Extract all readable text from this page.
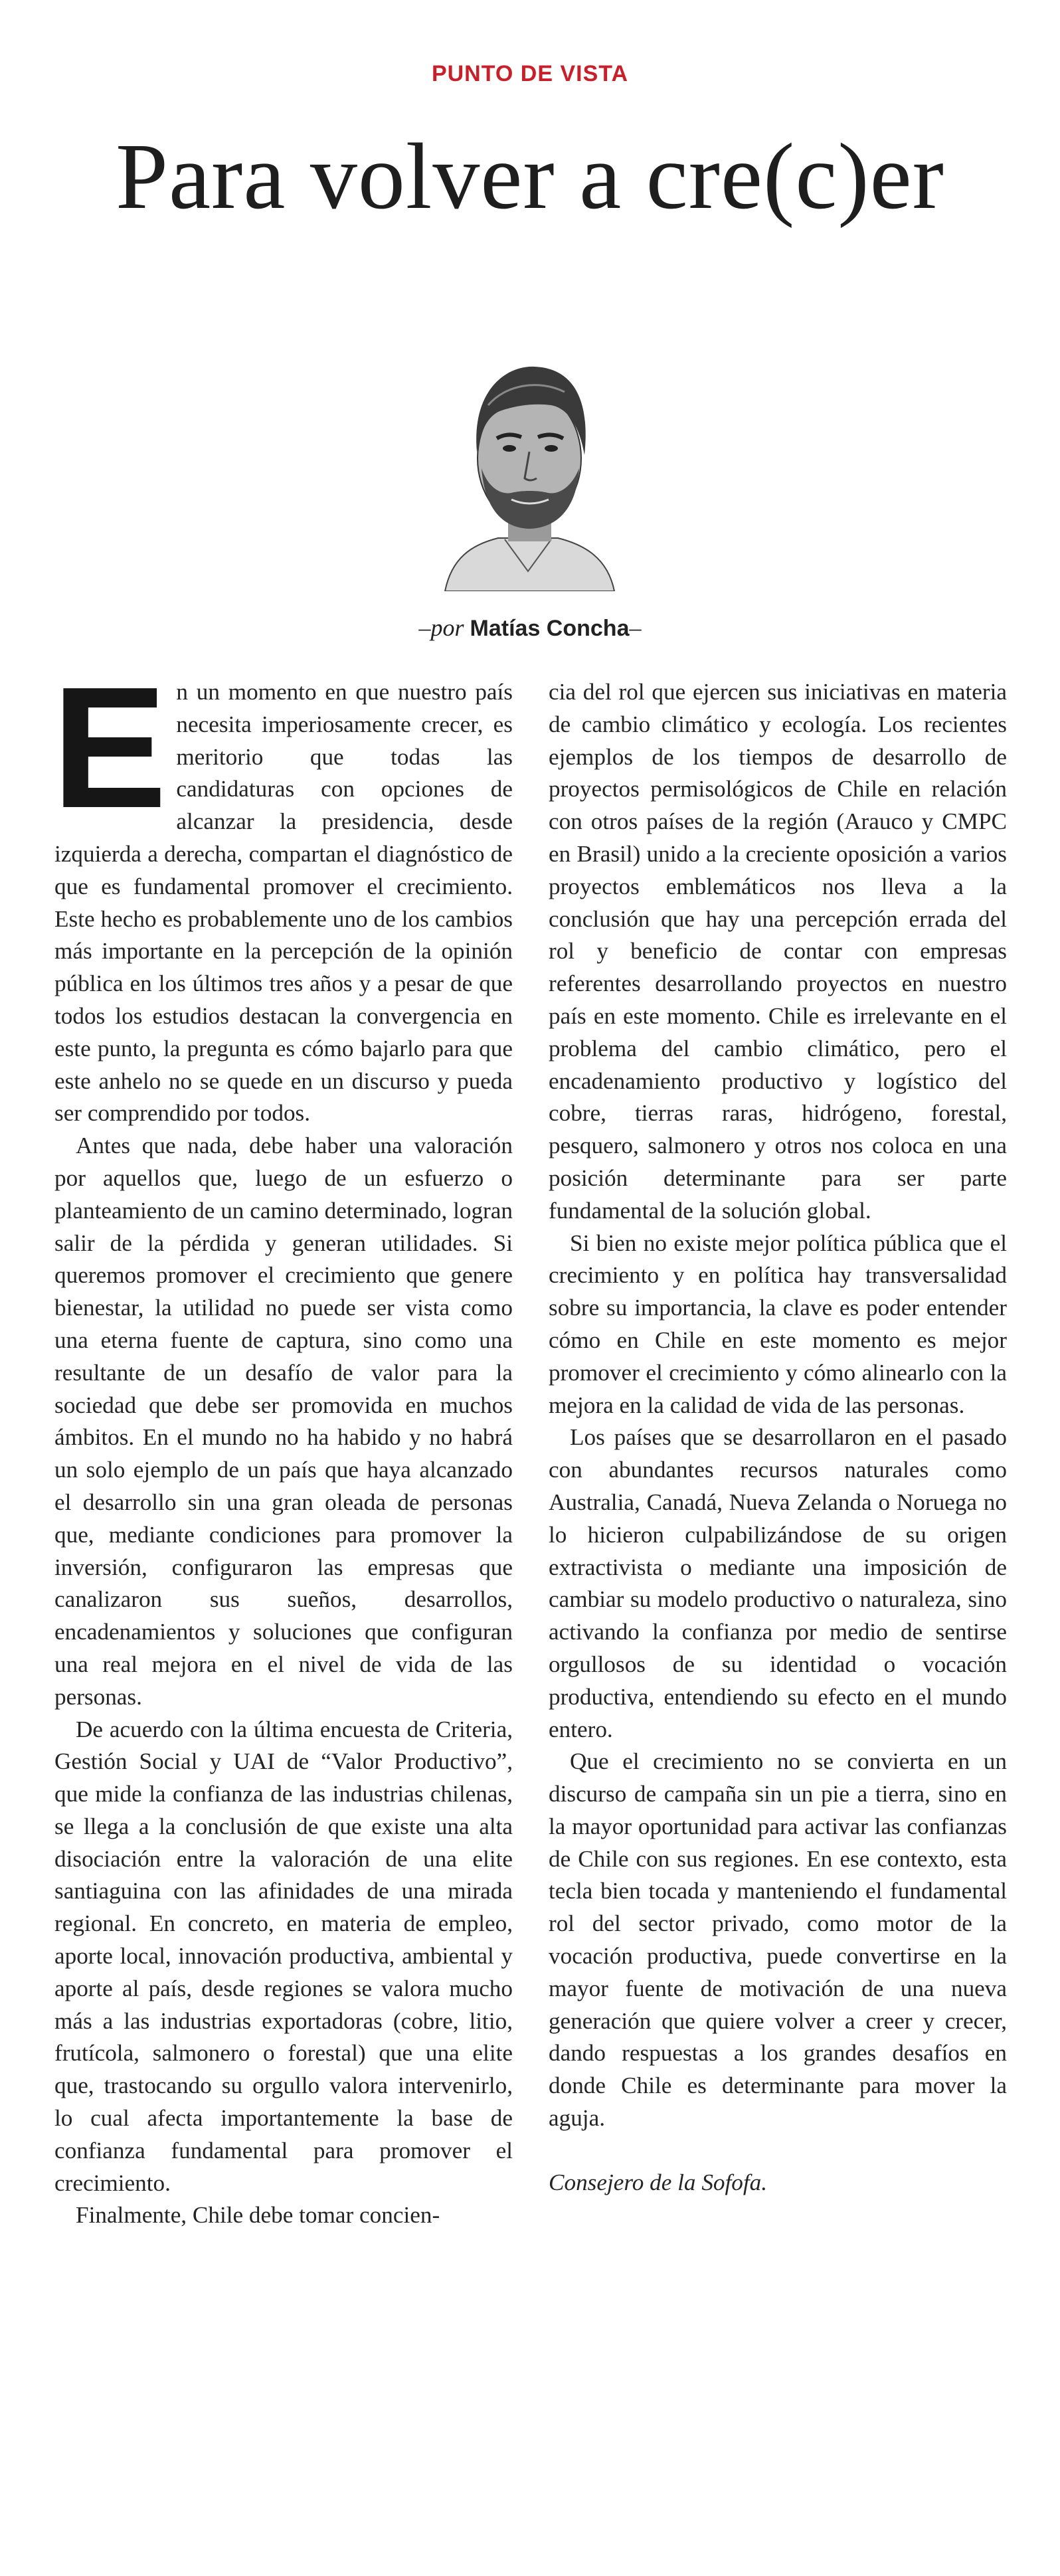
PUNTO DE VISTA
Para volver a cre(c)er
–por Matías Concha–

En un momento en que nuestro país necesita imperiosamente crecer, es meritorio que todas las candidaturas con opciones de alcanzar la presidencia, desde izquierda a derecha, compartan el diagnóstico de que es fundamental promover el crecimiento. Este hecho es probablemente uno de los cambios más importante en la percepción de la opinión pública en los últimos tres años y a pesar de que todos los estudios destacan la convergencia en este punto, la pregunta es cómo bajarlo para que este anhelo no se quede en un discurso y pueda ser comprendido por todos.

Antes que nada, debe haber una valoración por aquellos que, luego de un esfuerzo o planteamiento de un camino determinado, logran salir de la pérdida y generan utilidades. Si queremos promover el crecimiento que genere bienestar, la utilidad no puede ser vista como una eterna fuente de captura, sino como una resultante de un desafío de valor para la sociedad que debe ser promovida en muchos ámbitos. En el mundo no ha habido y no habrá un solo ejemplo de un país que haya alcanzado el desarrollo sin una gran oleada de personas que, mediante condiciones para promover la inversión, configuraron las empresas que canalizaron sus sueños, desarrollos, encadenamientos y soluciones que configuran una real mejora en el nivel de vida de las personas.

De acuerdo con la última encuesta de Criteria, Gestión Social y UAI de “Valor Productivo”, que mide la confianza de las industrias chilenas, se llega a la conclusión de que existe una alta disociación entre la valoración de una elite santiaguina con las afinidades de una mirada regional. En concreto, en materia de empleo, aporte local, innovación productiva, ambiental y aporte al país, desde regiones se valora mucho más a las industrias exportadoras (cobre, litio, frutícola, salmonero o forestal) que una elite que, trastocando su orgullo valora intervenirlo, lo cual afecta importantemente la base de confianza fundamental para promover el crecimiento.

Finalmente, Chile debe tomar concien-

cia del rol que ejercen sus iniciativas en materia de cambio climático y ecología. Los recientes ejemplos de los tiempos de desarrollo de proyectos permisológicos de Chile en relación con otros países de la región (Arauco y CMPC en Brasil) unido a la creciente oposición a varios proyectos emblemáticos nos lleva a la conclusión que hay una percepción errada del rol y beneficio de contar con empresas referentes desarrollando proyectos en nuestro país en este momento. Chile es irrelevante en el problema del cambio climático, pero el encadenamiento productivo y logístico del cobre, tierras raras, hidrógeno, forestal, pesquero, salmonero y otros nos coloca en una posición determinante para ser parte fundamental de la solución global.

Si bien no existe mejor política pública que el crecimiento y en política hay transversalidad sobre su importancia, la clave es poder entender cómo en Chile en este momento es mejor promover el crecimiento y cómo alinearlo con la mejora en la calidad de vida de las personas.

Los países que se desarrollaron en el pasado con abundantes recursos naturales como Australia, Canadá, Nueva Zelanda o Noruega no lo hicieron culpabilizándose de su origen extractivista o mediante una imposición de cambiar su modelo productivo o naturaleza, sino activando la confianza por medio de sentirse orgullosos de su identidad o vocación productiva, entendiendo su efecto en el mundo entero.

Que el crecimiento no se convierta en un discurso de campaña sin un pie a tierra, sino en la mayor oportunidad para activar las confianzas de Chile con sus regiones. En ese contexto, esta tecla bien tocada y manteniendo el fundamental rol del sector privado, como motor de la vocación productiva, puede convertirse en la mayor fuente de motivación de una nueva generación que quiere volver a creer y crecer, dando respuestas a los grandes desafíos en donde Chile es determinante para mover la aguja.

Consejero de la Sofofa.
